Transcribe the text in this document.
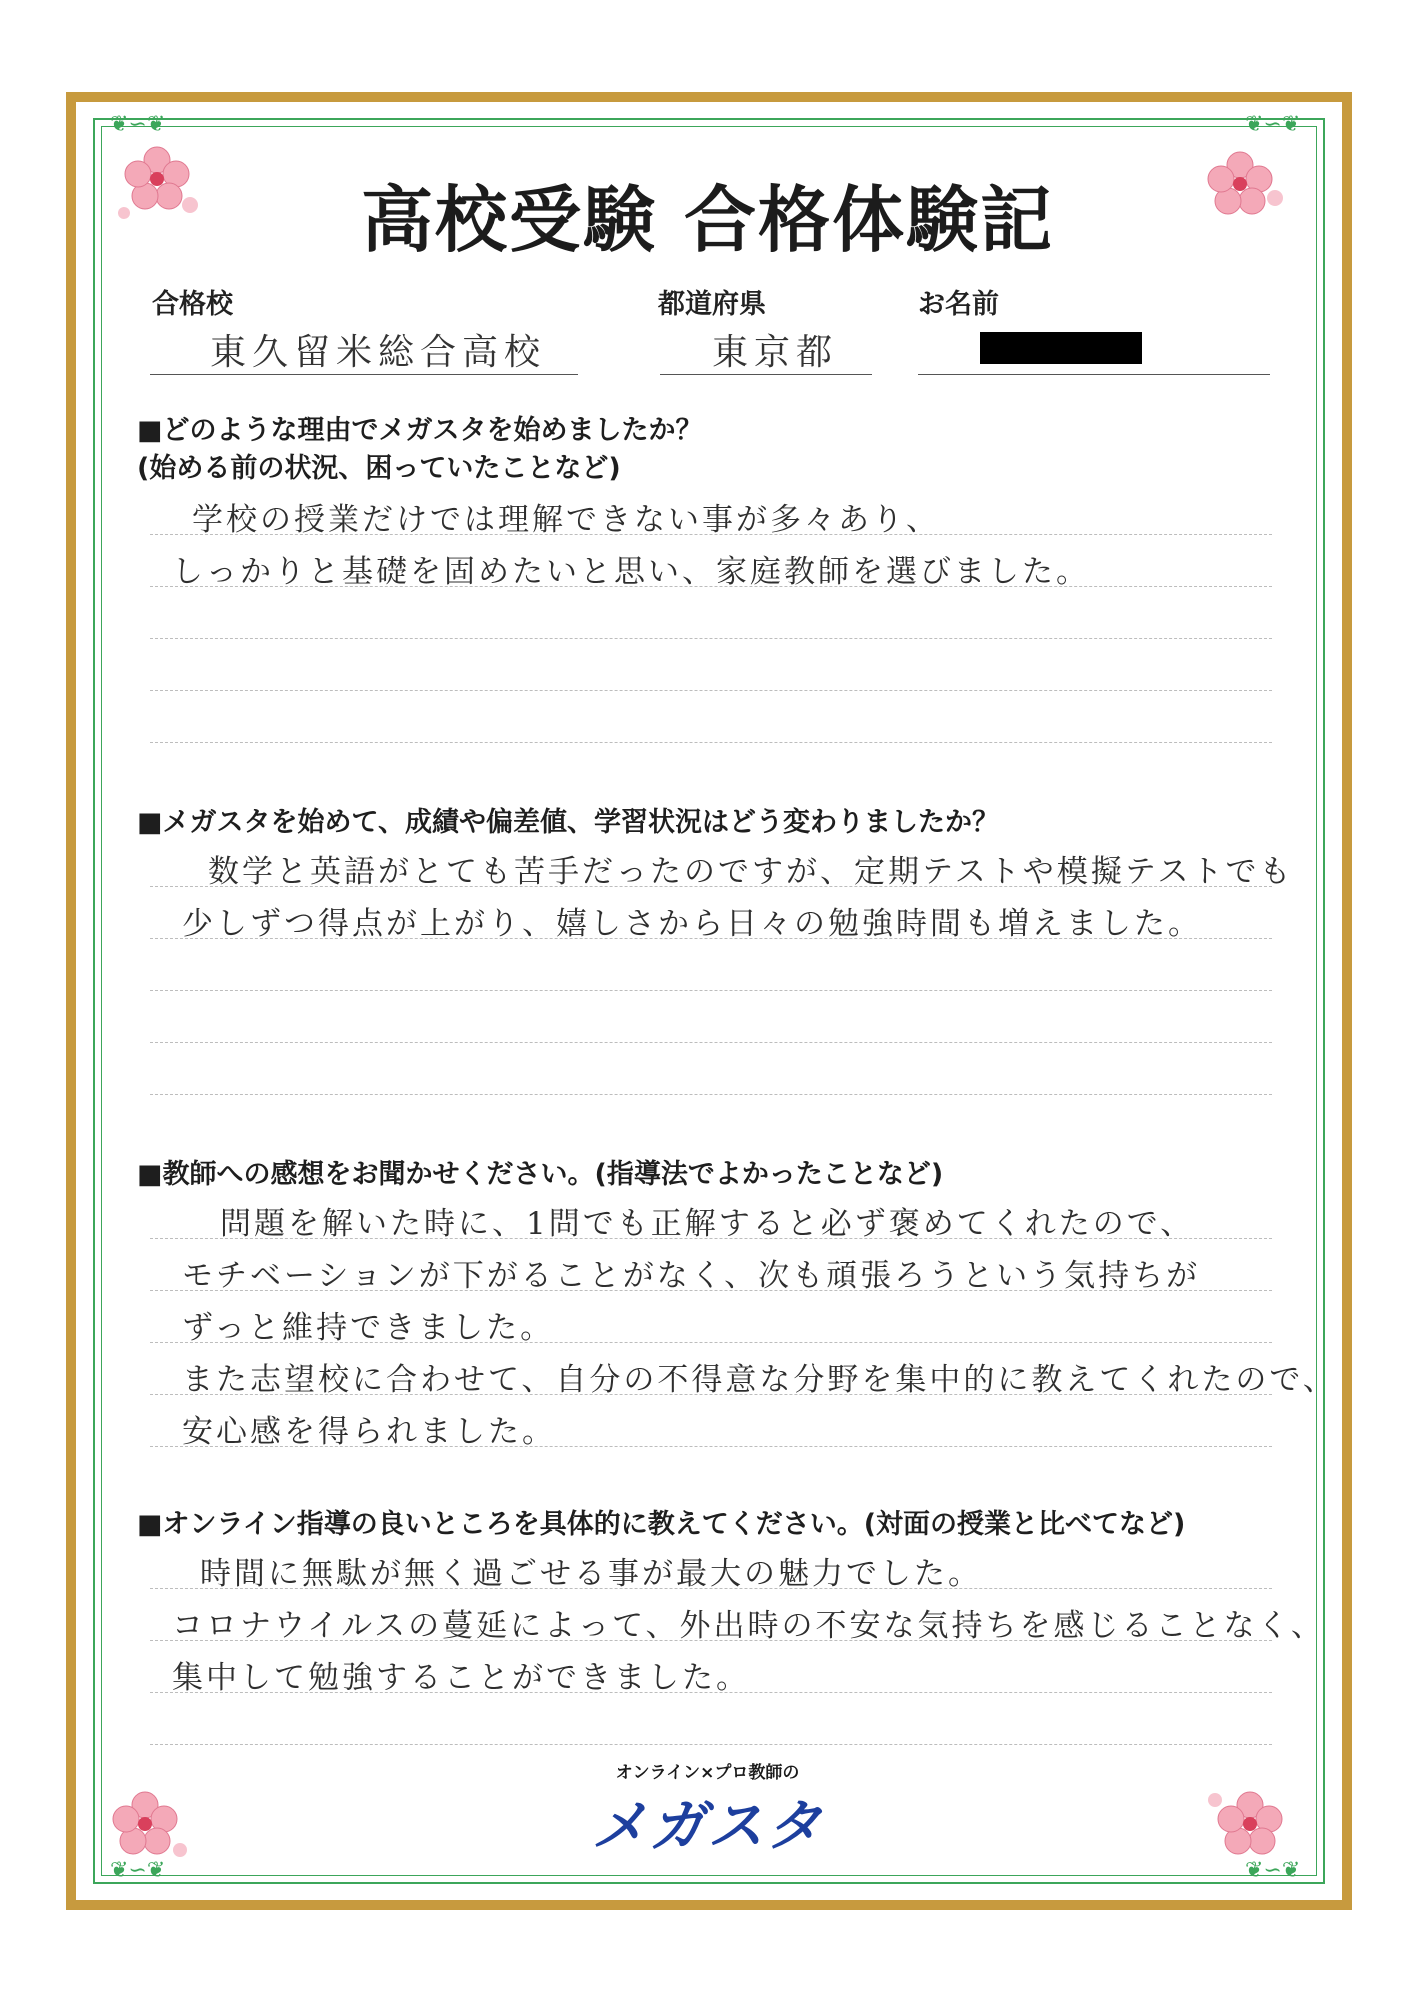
❦∽❦	❦∽❦
❦∽❦	❦∽❦
高校受験 合格体験記
合格校
東久留米総合高校
都道府県
東京都
お名前
■どのような理由でメガスタを始めましたか？
(始める前の状況、困っていたことなど)
学校の授業だけでは理解できない事が多々あり、
しっかりと基礎を固めたいと思い、家庭教師を選びました。
■メガスタを始めて、成績や偏差値、学習状況はどう変わりましたか？
数学と英語がとても苦手だったのですが、定期テストや模擬テストでも
少しずつ得点が上がり、嬉しさから日々の勉強時間も増えました。
■教師への感想をお聞かせください。(指導法でよかったことなど)
問題を解いた時に、1問でも正解すると必ず褒めてくれたので、
モチベーションが下がることがなく、次も頑張ろうという気持ちが
ずっと維持できました。
また志望校に合わせて、自分の不得意な分野を集中的に教えてくれたので、
安心感を得られました。
■オンライン指導の良いところを具体的に教えてください。(対面の授業と比べてなど)
時間に無駄が無く過ごせる事が最大の魅力でした。
コロナウイルスの蔓延によって、外出時の不安な気持ちを感じることなく、
集中して勉強することができました。
オンライン×プロ教師の
メガスタ
